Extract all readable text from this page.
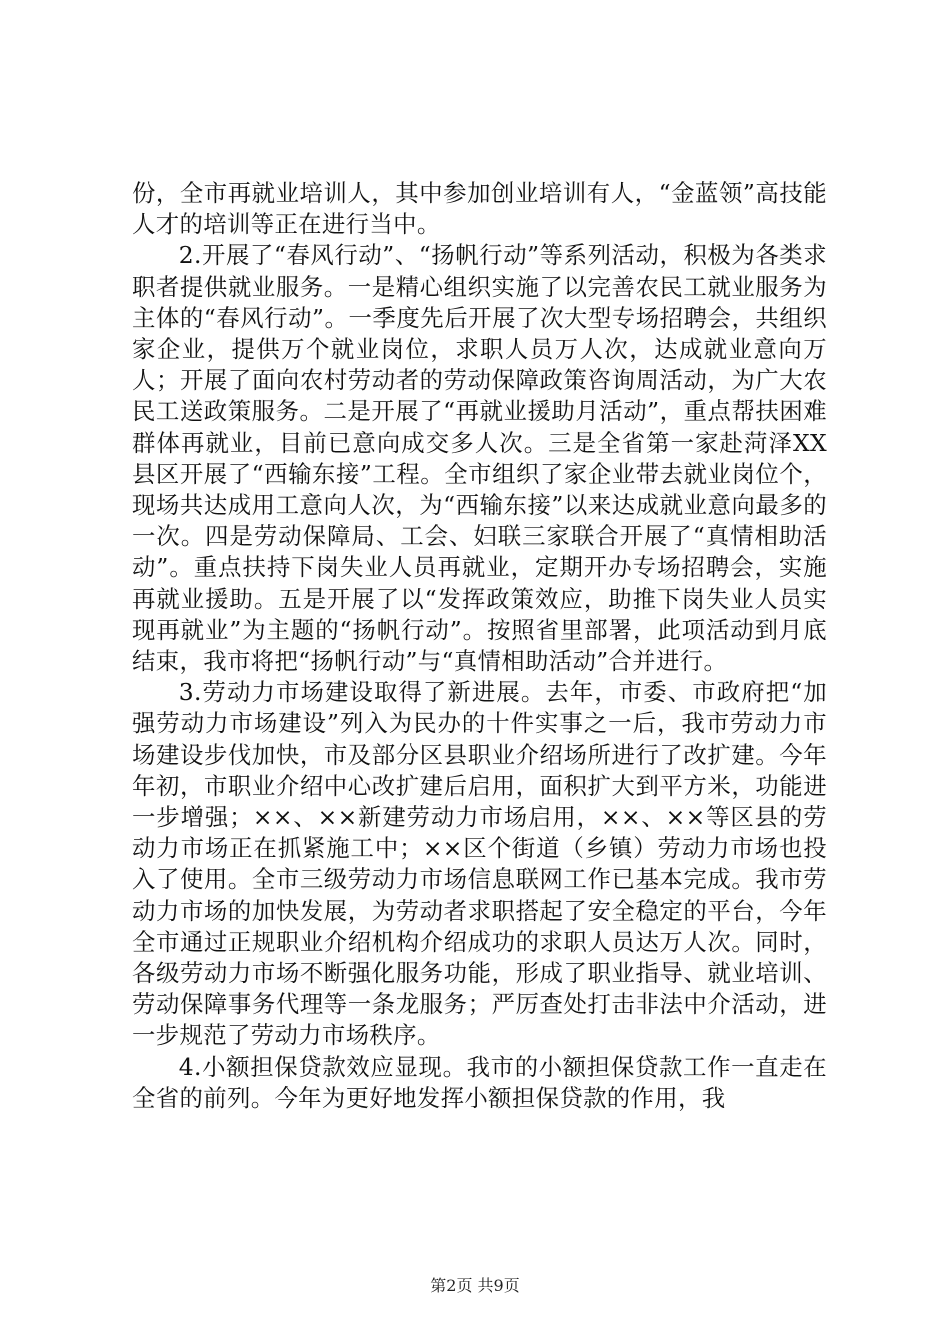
份，全市再就业培训人，其中参加创业培训有人，“金蓝领”高技能人才的培训等正在进行当中。

2.开展了“春风行动”、“扬帆行动”等系列活动，积极为各类求职者提供就业服务。一是精心组织实施了以完善农民工就业服务为主体的“春风行动”。一季度先后开展了次大型专场招聘会，共组织家企业，提供万个就业岗位，求职人员万人次，达成就业意向万人；开展了面向农村劳动者的劳动保障政策咨询周活动，为广大农民工送政策服务。二是开展了“再就业援助月活动”，重点帮扶困难群体再就业，目前已意向成交多人次。三是全省第一家赴菏泽XX县区开展了“西输东接”工程。全市组织了家企业带去就业岗位个，现场共达成用工意向人次，为“西输东接”以来达成就业意向最多的一次。四是劳动保障局、工会、妇联三家联合开展了“真情相助活动”。重点扶持下岗失业人员再就业，定期开办专场招聘会，实施再就业援助。五是开展了以“发挥政策效应，助推下岗失业人员实现再就业”为主题的“扬帆行动”。按照省里部署，此项活动到月底结束，我市将把“扬帆行动”与“真情相助活动”合并进行。

3.劳动力市场建设取得了新进展。去年，市委、市政府把“加强劳动力市场建设”列入为民办的十件实事之一后，我市劳动力市场建设步伐加快，市及部分区县职业介绍场所进行了改扩建。今年年初，市职业介绍中心改扩建后启用，面积扩大到平方米，功能进一步增强；××、××新建劳动力市场启用，××、××等区县的劳动力市场正在抓紧施工中；××区个街道（乡镇）劳动力市场也投入了使用。全市三级劳动力市场信息联网工作已基本完成。我市劳动力市场的加快发展，为劳动者求职搭起了安全稳定的平台，今年全市通过正规职业介绍机构介绍成功的求职人员达万人次。同时，各级劳动力市场不断强化服务功能，形成了职业指导、就业培训、劳动保障事务代理等一条龙服务；严厉查处打击非法中介活动，进一步规范了劳动力市场秩序。

4.小额担保贷款效应显现。我市的小额担保贷款工作一直走在全省的前列。今年为更好地发挥小额担保贷款的作用，我

第2页 共9页
